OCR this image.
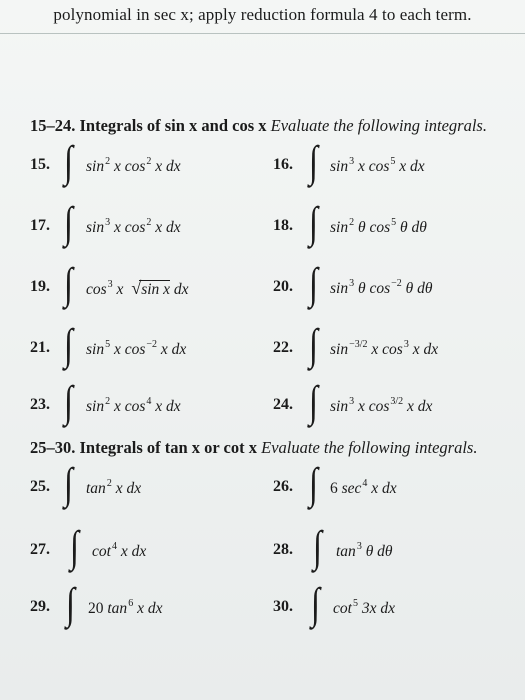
polynomial in sec x; apply reduction formula 4 to each term.
15–24. Integrals of sin x and cos x Evaluate the following integrals.
15. ∫ $\sin^2 x$ $\cos^2 x$ dx	16. ∫ $\sin^3 x$ $\cos^5 x$ dx
17. ∫ $\sin^3 x$ $\cos^2 x$ dx	18. ∫ $\sin^2 \theta$ $\cos^5 \theta$ dθ
19. ∫ $\cos^3 x$ √sin x dx	20. ∫ $\sin^3 \theta$ $\cos^{-2} \theta$ dθ
21. ∫ $\sin^5 x$ $\cos^{-2} x$ dx	22. ∫ $\sin^{-3/2} x$ $\cos^3 x$ dx
23. ∫ $\sin^2 x$ $\cos^4 x$ dx	24. ∫ $\sin^3 x$ $\cos^{3/2} x$ dx
25–30. Integrals of tan x or cot x Evaluate the following integrals.
25. ∫ $\tan^2 x$ dx	26. ∫ 6 $\sec^4 x$ dx
27. ∫ $\cot^4 x$ dx	28. ∫ $\tan^3 \theta$ dθ
29. ∫ 20 $\tan^6 x$ dx	30. ∫ $\cot^5 3x$ dx
